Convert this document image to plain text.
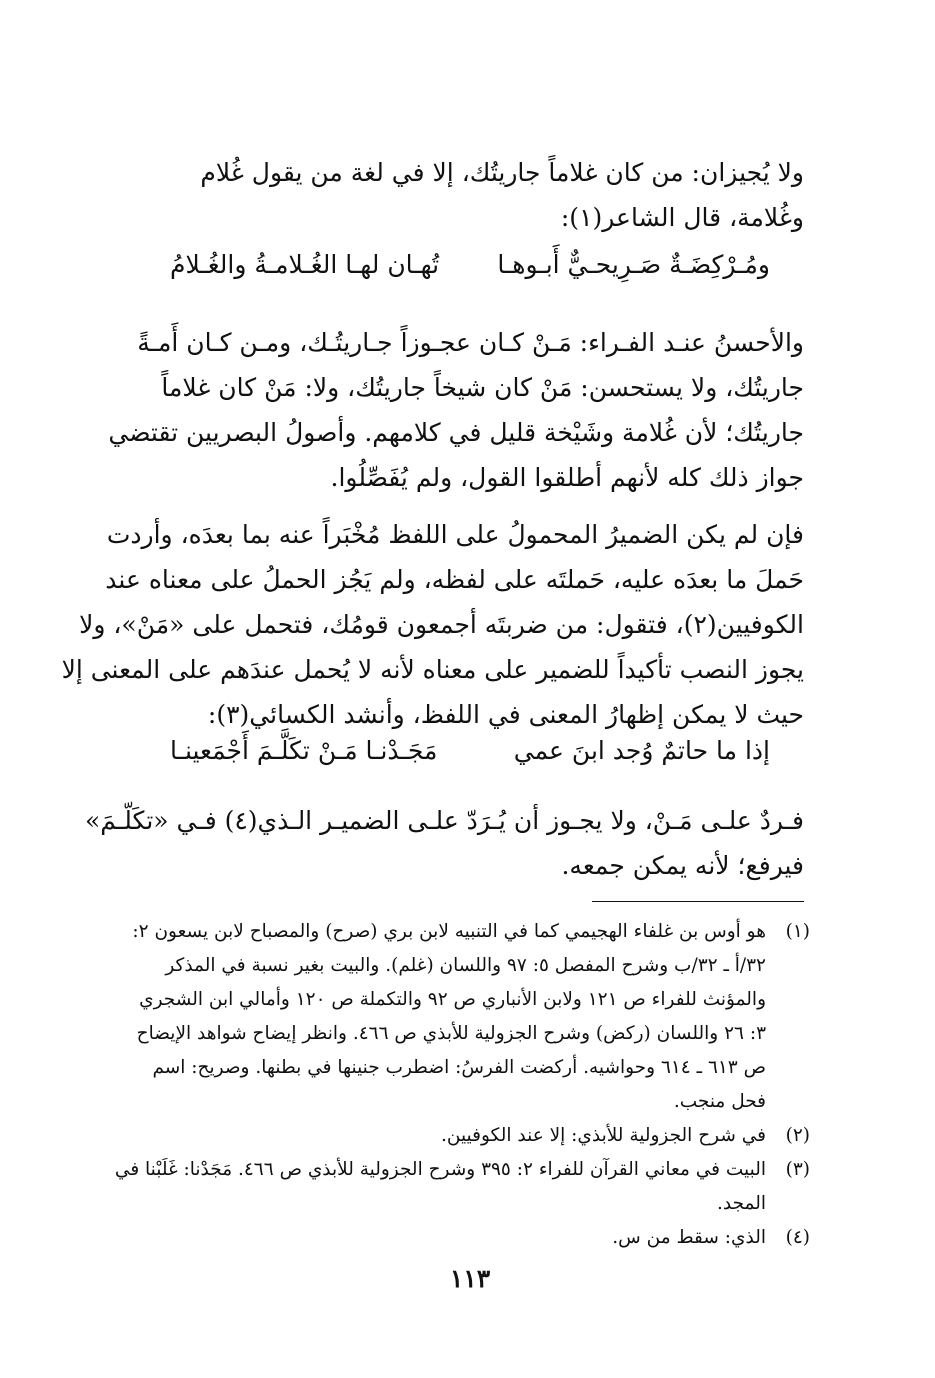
ولا يُجيزان: من كان غلاماً جاريتُك، إلا في لغة من يقول غُلام
وغُلامة، قال الشاعر(١):
ومُـرْكِضَـةٌ صَـرِيحـيٌّ أَبـوهـا
تُهـان لهـا الغُـلامـةُ والغُـلامُ
والأحسنُ عنـد الفـراء: مَـنْ كـان عجـوزاً جـاريتُـك، ومـن كـان أَمـةً
جاريتُك، ولا يستحسن: مَنْ كان شيخاً جاريتُك، ولا: مَنْ كان غلاماً
جاريتُك؛ لأن غُلامة وشَيْخة قليل في كلامهم. وأصولُ البصريين تقتضي
جواز ذلك كله لأنهم أطلقوا القول، ولم يُفَصِّلُوا.
فإن لم يكن الضميرُ المحمولُ على اللفظ مُخْبَراً عنه بما بعدَه، وأردت
حَملَ ما بعدَه عليه، حَملتَه على لفظه، ولم يَجُز الحملُ على معناه عند
الكوفيين(٢)، فتقول: من ضربتَه أجمعون قومُك، فتحمل على «مَنْ»، ولا
يجوز النصب تأكيداً للضمير على معناه لأنه لا يُحمل عندَهم على المعنى إلا
حيث لا يمكن إظهارُ المعنى في اللفظ، وأنشد الكسائي(٣):
إذا ما حاتمٌ وُجد ابنَ عمي
مَجَـدْنـا مَـنْ تكَلَّـمَ أَجْمَعينـا
فـردٌ علـى مَـنْ، ولا يجـوز أن يُـرَدّ علـى الضميـر الـذي(٤) فـي «تكَلّـمَ»
فيرفع؛ لأنه يمكن جمعه.
(١)
هو أوس بن غلفاء الهجيمي كما في التنبيه لابن بري (صرح) والمصباح لابن يسعون ٢:
٣٢/أ ـ ٣٢/ب وشرح المفصل ٥: ٩٧ واللسان (غلم). والبيت بغير نسبة في المذكر
والمؤنث للفراء ص ١٢١ ولابن الأنباري ص ٩٢ والتكملة ص ١٢٠ وأمالي ابن الشجري
٣: ٢٦ واللسان (ركض) وشرح الجزولية للأبذي ص ٤٦٦. وانظر إيضاح شواهد الإيضاح
ص ٦١٣ ـ ٦١٤ وحواشيه. أركضت الفرسُ: اضطرب جنينها في بطنها. وصريح: اسم
فحل منجب.
(٢)
في شرح الجزولية للأبذي: إلا عند الكوفيين.
(٣)
البيت في معاني القرآن للفراء ٢: ٣٩٥ وشرح الجزولية للأبذي ص ٤٦٦. مَجَدْنا: غَلَبْنا في
المجد.
(٤)
الذي: سقط من س.
١١٣
